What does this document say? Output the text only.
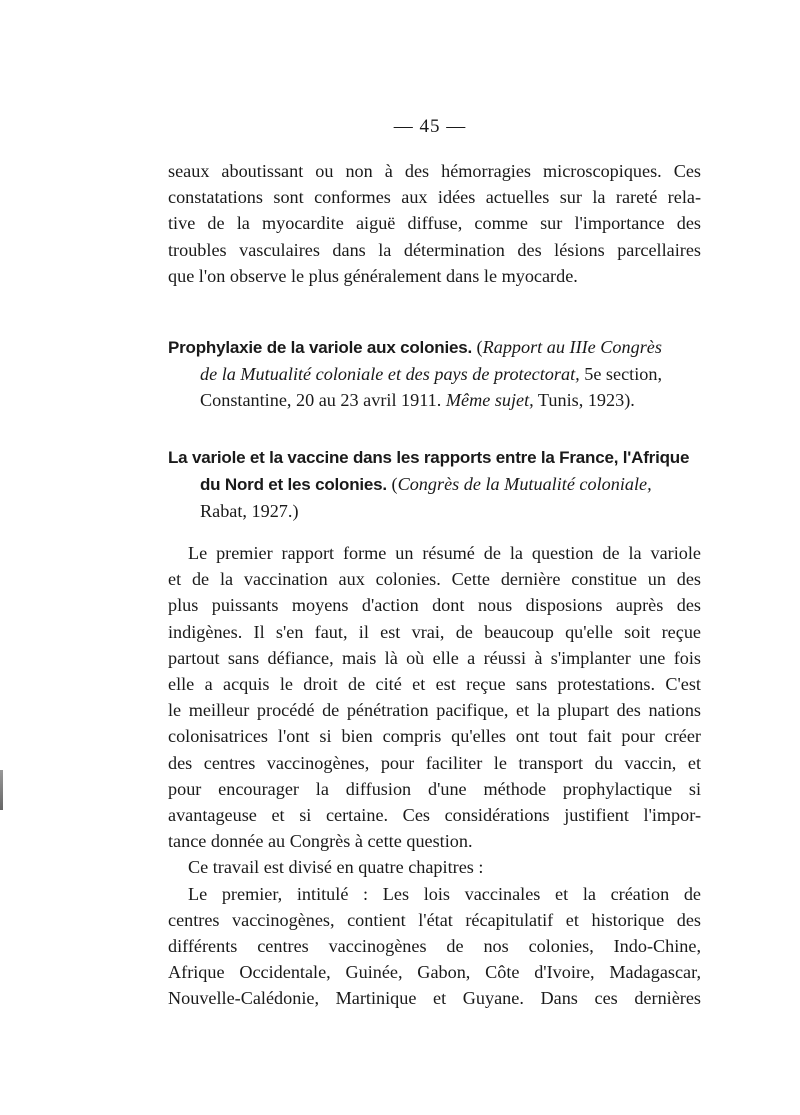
— 45 —
seaux aboutissant ou non à des hémorragies microscopiques. Ces
constatations sont conformes aux idées actuelles sur la rareté rela-
tive de la myocardite aiguë diffuse, comme sur l'importance des
troubles vasculaires dans la détermination des lésions parcellaires
que l'on observe le plus généralement dans le myocarde.
Prophylaxie de la variole aux colonies. (Rapport au IIIe Congrès
de la Mutualité coloniale et des pays de protectorat, 5e section,
Constantine, 20 au 23 avril 1911. Même sujet, Tunis, 1923).
La variole et la vaccine dans les rapports entre la France, l'Afrique
du Nord et les colonies. (Congrès de la Mutualité coloniale,
Rabat, 1927.)
Le premier rapport forme un résumé de la question de la variole
et de la vaccination aux colonies. Cette dernière constitue un des
plus puissants moyens d'action dont nous disposions auprès des
indigènes. Il s'en faut, il est vrai, de beaucoup qu'elle soit reçue
partout sans défiance, mais là où elle a réussi à s'implanter une fois
elle a acquis le droit de cité et est reçue sans protestations. C'est
le meilleur procédé de pénétration pacifique, et la plupart des nations
colonisatrices l'ont si bien compris qu'elles ont tout fait pour créer
des centres vaccinogènes, pour faciliter le transport du vaccin, et
pour encourager la diffusion d'une méthode prophylactique si
avantageuse et si certaine. Ces considérations justifient l'impor-
tance donnée au Congrès à cette question.
Ce travail est divisé en quatre chapitres :
Le premier, intitulé : Les lois vaccinales et la création de
centres vaccinogènes, contient l'état récapitulatif et historique des
différents centres vaccinogènes de nos colonies, Indo-Chine,
Afrique Occidentale, Guinée, Gabon, Côte d'Ivoire, Madagascar,
Nouvelle-Calédonie, Martinique et Guyane. Dans ces dernières
